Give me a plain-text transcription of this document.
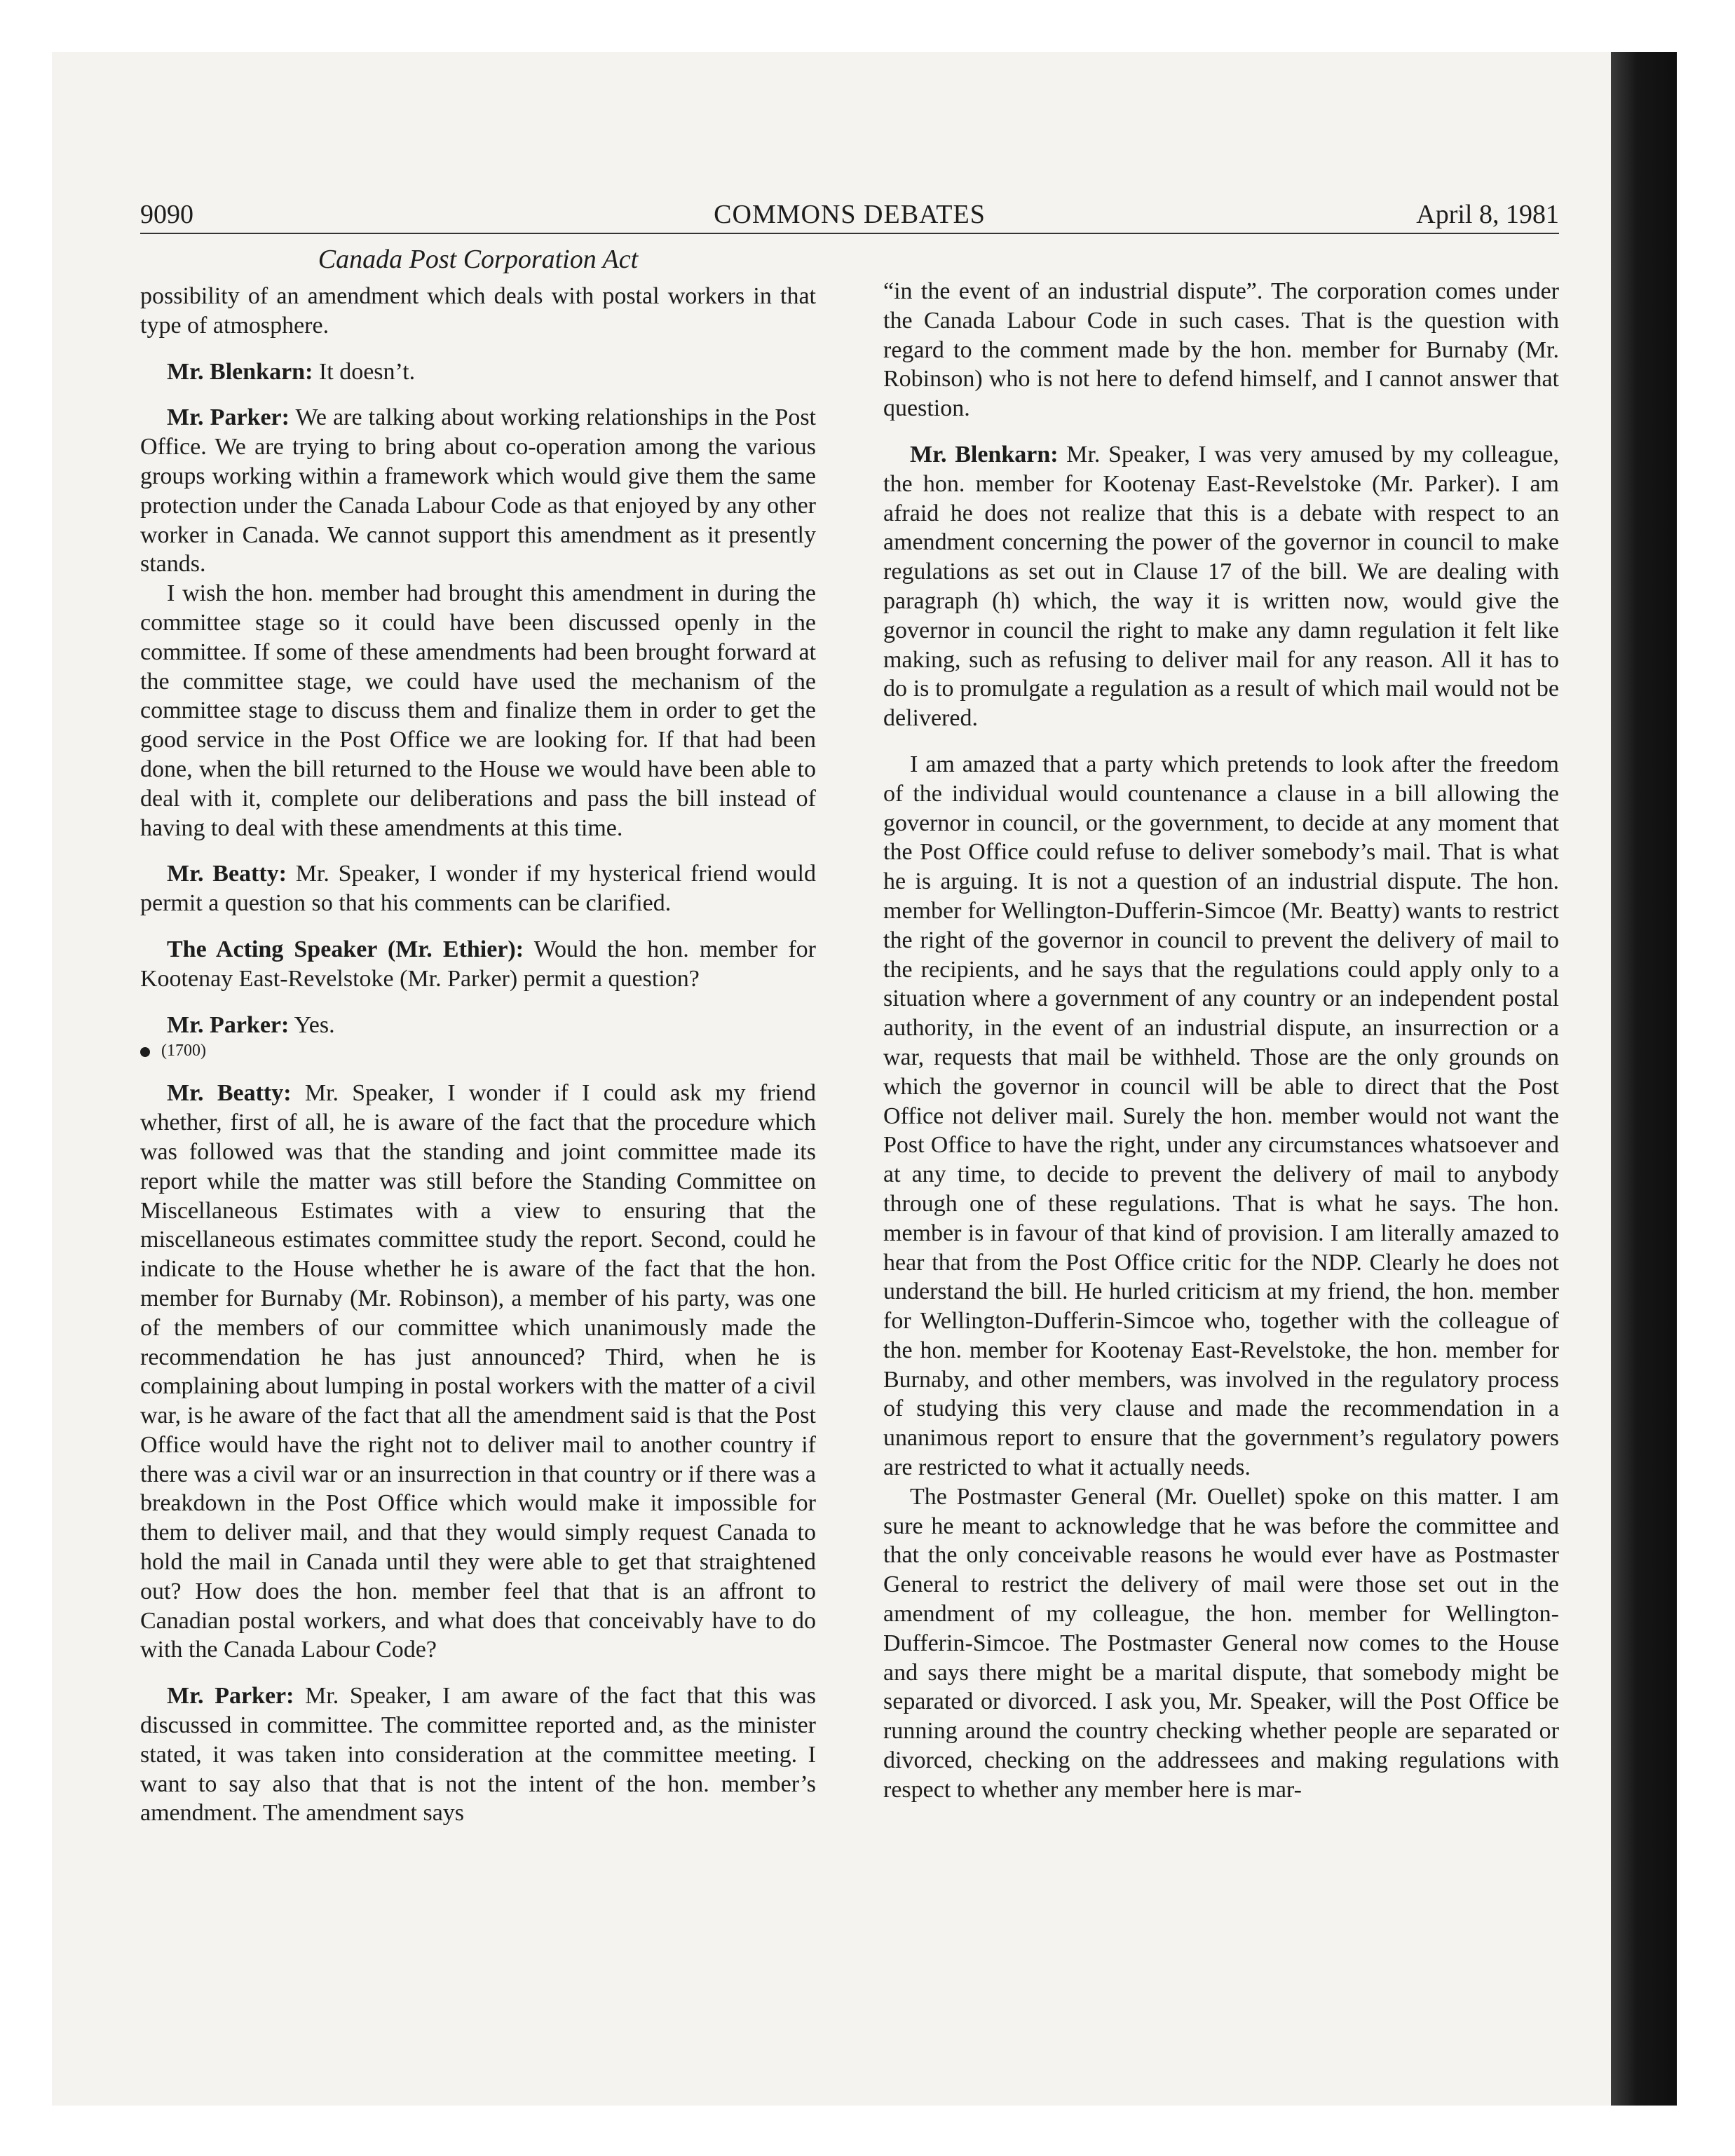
9090	COMMONS DEBATES	April 8, 1981
Canada Post Corporation Act

possibility of an amendment which deals with postal workers in that type of atmosphere.

Mr. Blenkarn: It doesn’t.

Mr. Parker: We are talking about working relationships in the Post Office. We are trying to bring about co-operation among the various groups working within a framework which would give them the same protection under the Canada Labour Code as that enjoyed by any other worker in Canada. We cannot support this amendment as it presently stands.

I wish the hon. member had brought this amendment in during the committee stage so it could have been discussed openly in the committee. If some of these amendments had been brought forward at the committee stage, we could have used the mechanism of the committee stage to discuss them and finalize them in order to get the good service in the Post Office we are looking for. If that had been done, when the bill returned to the House we would have been able to deal with it, complete our deliberations and pass the bill instead of having to deal with these amendments at this time.

Mr. Beatty: Mr. Speaker, I wonder if my hysterical friend would permit a question so that his comments can be clarified.

The Acting Speaker (Mr. Ethier): Would the hon. member for Kootenay East-Revelstoke (Mr. Parker) permit a question?

Mr. Parker: Yes.

(1700)

Mr. Beatty: Mr. Speaker, I wonder if I could ask my friend whether, first of all, he is aware of the fact that the procedure which was followed was that the standing and joint committee made its report while the matter was still before the Standing Committee on Miscellaneous Estimates with a view to ensuring that the miscellaneous estimates committee study the report. Second, could he indicate to the House whether he is aware of the fact that the hon. member for Burnaby (Mr. Robinson), a member of his party, was one of the members of our committee which unanimously made the recommendation he has just announced? Third, when he is complaining about lumping in postal workers with the matter of a civil war, is he aware of the fact that all the amendment said is that the Post Office would have the right not to deliver mail to another country if there was a civil war or an insurrection in that country or if there was a breakdown in the Post Office which would make it impossible for them to deliver mail, and that they would simply request Canada to hold the mail in Canada until they were able to get that straightened out? How does the hon. member feel that that is an affront to Canadian postal workers, and what does that conceivably have to do with the Canada Labour Code?

Mr. Parker: Mr. Speaker, I am aware of the fact that this was discussed in committee. The committee reported and, as the minister stated, it was taken into consideration at the committee meeting. I want to say also that that is not the intent of the hon. member’s amendment. The amendment says

“in the event of an industrial dispute”. The corporation comes under the Canada Labour Code in such cases. That is the question with regard to the comment made by the hon. member for Burnaby (Mr. Robinson) who is not here to defend himself, and I cannot answer that question.

Mr. Blenkarn: Mr. Speaker, I was very amused by my colleague, the hon. member for Kootenay East-Revelstoke (Mr. Parker). I am afraid he does not realize that this is a debate with respect to an amendment concerning the power of the governor in council to make regulations as set out in Clause 17 of the bill. We are dealing with paragraph (h) which, the way it is written now, would give the governor in council the right to make any damn regulation it felt like making, such as refusing to deliver mail for any reason. All it has to do is to promulgate a regulation as a result of which mail would not be delivered.

I am amazed that a party which pretends to look after the freedom of the individual would countenance a clause in a bill allowing the governor in council, or the government, to decide at any moment that the Post Office could refuse to deliver somebody’s mail. That is what he is arguing. It is not a question of an industrial dispute. The hon. member for Wellington-Dufferin-Simcoe (Mr. Beatty) wants to restrict the right of the governor in council to prevent the delivery of mail to the recipients, and he says that the regulations could apply only to a situation where a government of any country or an independent postal authority, in the event of an industrial dispute, an insurrection or a war, requests that mail be withheld. Those are the only grounds on which the governor in council will be able to direct that the Post Office not deliver mail. Surely the hon. member would not want the Post Office to have the right, under any circumstances whatsoever and at any time, to decide to prevent the delivery of mail to anybody through one of these regulations. That is what he says. The hon. member is in favour of that kind of provision. I am literally amazed to hear that from the Post Office critic for the NDP. Clearly he does not understand the bill. He hurled criticism at my friend, the hon. member for Wellington-Dufferin-Simcoe who, together with the colleague of the hon. member for Kootenay East-Revelstoke, the hon. member for Burnaby, and other members, was involved in the regulatory process of studying this very clause and made the recommendation in a unanimous report to ensure that the government’s regulatory powers are restricted to what it actually needs.

The Postmaster General (Mr. Ouellet) spoke on this matter. I am sure he meant to acknowledge that he was before the committee and that the only conceivable reasons he would ever have as Postmaster General to restrict the delivery of mail were those set out in the amendment of my colleague, the hon. member for Wellington-Dufferin-Simcoe. The Postmaster General now comes to the House and says there might be a marital dispute, that somebody might be separated or divorced. I ask you, Mr. Speaker, will the Post Office be running around the country checking whether people are separated or divorced, checking on the addressees and making regulations with respect to whether any member here is mar-
